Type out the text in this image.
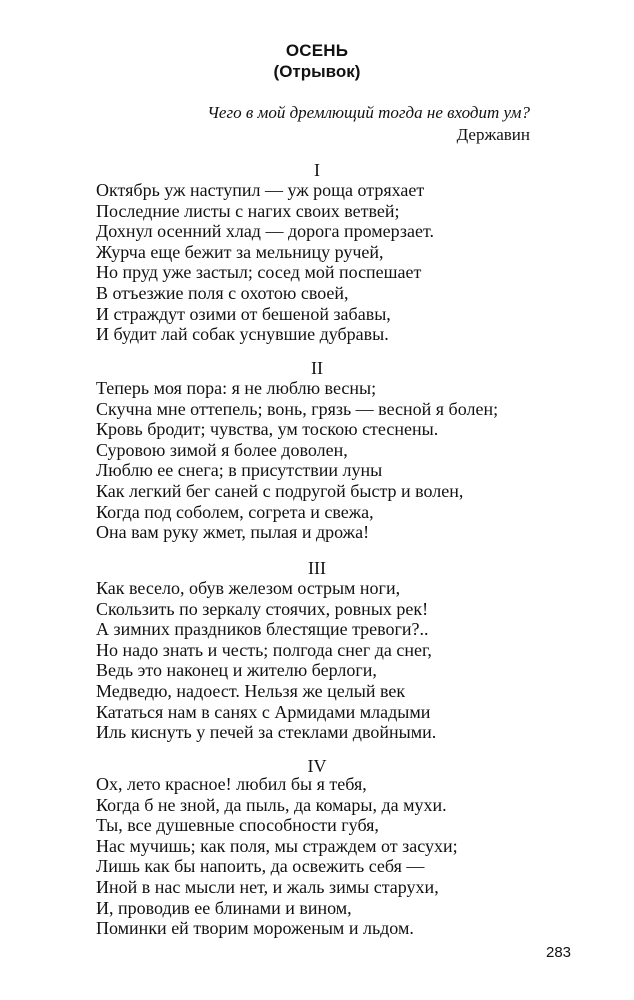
ОСЕНЬ
(Отрывок)
Чего в мой дремлющий тогда не входит ум?
Державин
I
Октябрь уж наступил — уж роща отряхает
Последние листы с нагих своих ветвей;
Дохнул осенний хлад — дорога промерзает.
Журча еще бежит за мельницу ручей,
Но пруд уже застыл; сосед мой поспешает
В отъезжие поля с охотою своей,
И страждут озими от бешеной забавы,
И будит лай собак уснувшие дубравы.
II
Теперь моя пора: я не люблю весны;
Скучна мне оттепель; вонь, грязь — весной я болен;
Кровь бродит; чувства, ум тоскою стеснены.
Суровою зимой я более доволен,
Люблю ее снега; в присутствии луны
Как легкий бег саней с подругой быстр и волен,
Когда под соболем, согрета и свежа,
Она вам руку жмет, пылая и дрожа!
III
Как весело, обув железом острым ноги,
Скользить по зеркалу стоячих, ровных рек!
А зимних праздников блестящие тревоги?..
Но надо знать и честь; полгода снег да снег,
Ведь это наконец и жителю берлоги,
Медведю, надоест. Нельзя же целый век
Кататься нам в санях с Армидами младыми
Иль киснуть у печей за стеклами двойными.
IV
Ох, лето красное! любил бы я тебя,
Когда б не зной, да пыль, да комары, да мухи.
Ты, все душевные способности губя,
Нас мучишь; как поля, мы страждем от засухи;
Лишь как бы напоить, да освежить себя —
Иной в нас мысли нет, и жаль зимы старухи,
И, проводив ее блинами и вином,
Поминки ей творим мороженым и льдом.
283
